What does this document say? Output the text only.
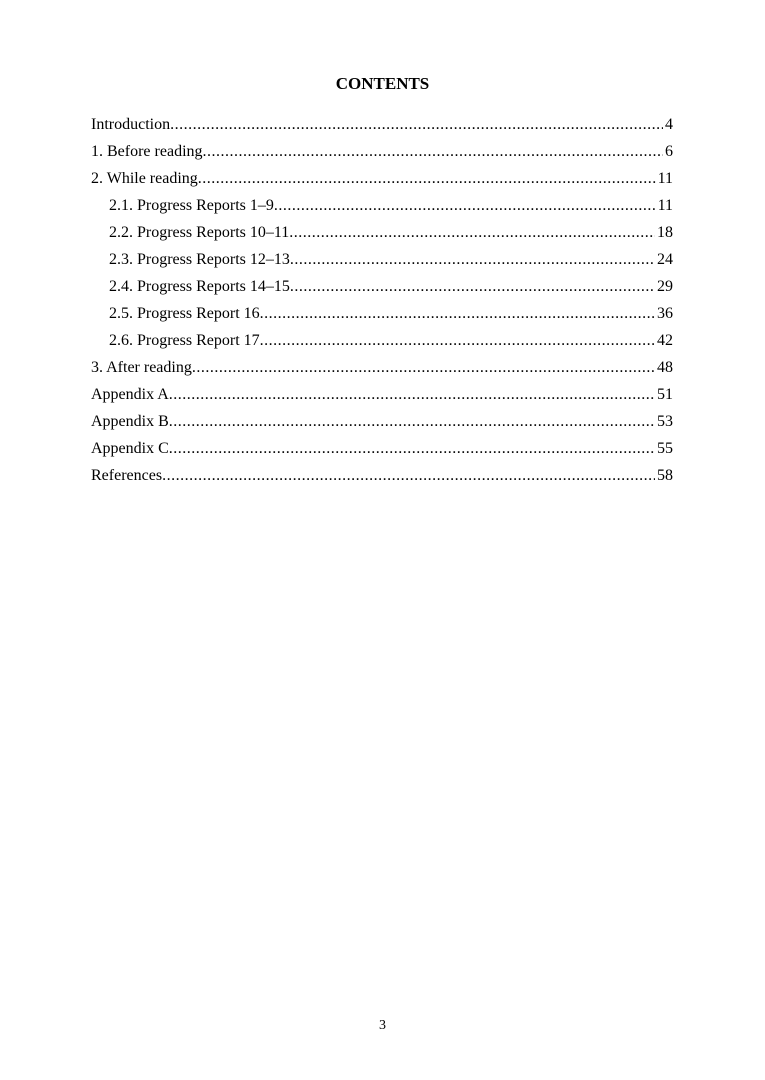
CONTENTS
Introduction .....	4
1. Before reading .....	6
2. While reading .....	11
2.1. Progress Reports 1–9 .....	11
2.2. Progress Reports 10–11 .....	18
2.3. Progress Reports 12–13 .....	24
2.4. Progress Reports 14–15 .....	29
2.5. Progress Report 16 .....	36
2.6. Progress Report 17 .....	42
3. After reading .....	48
Appendix A .....	51
Appendix B .....	53
Appendix C .....	55
References .....	58
3
